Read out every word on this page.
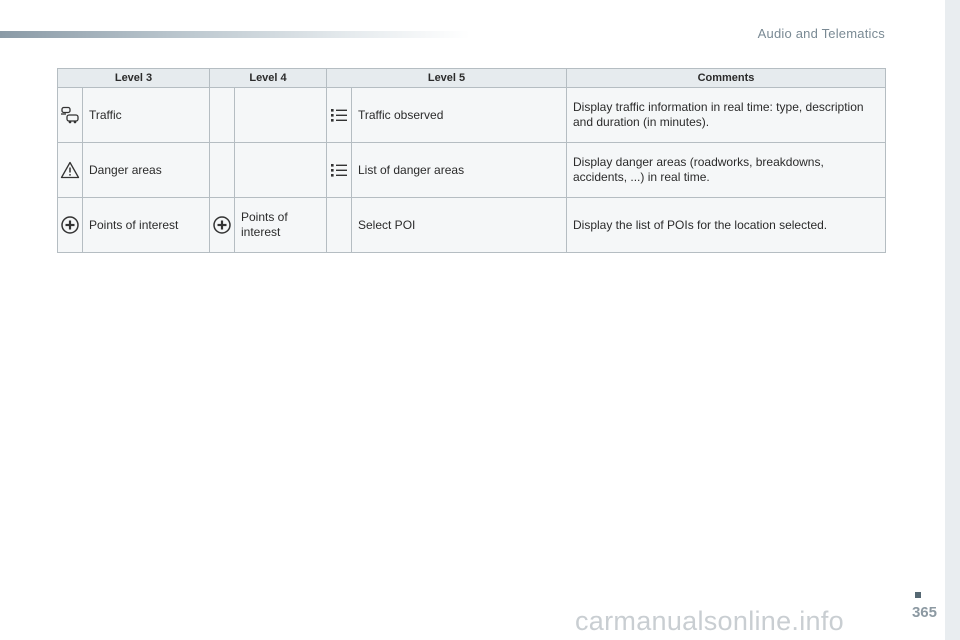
Audio and Telematics
Level 3		Level 4		Level 5		Comments

	Traffic				Traffic observed	Display traffic information in real time: type, description and duration (in minutes).

	Danger areas				List of danger areas	Display danger areas (roadworks, breakdowns, accidents, ...) in real time.

	Points of interest		Points of interest		Select POI	Display the list of POIs for the location selected.
365
carmanualsonline.info
